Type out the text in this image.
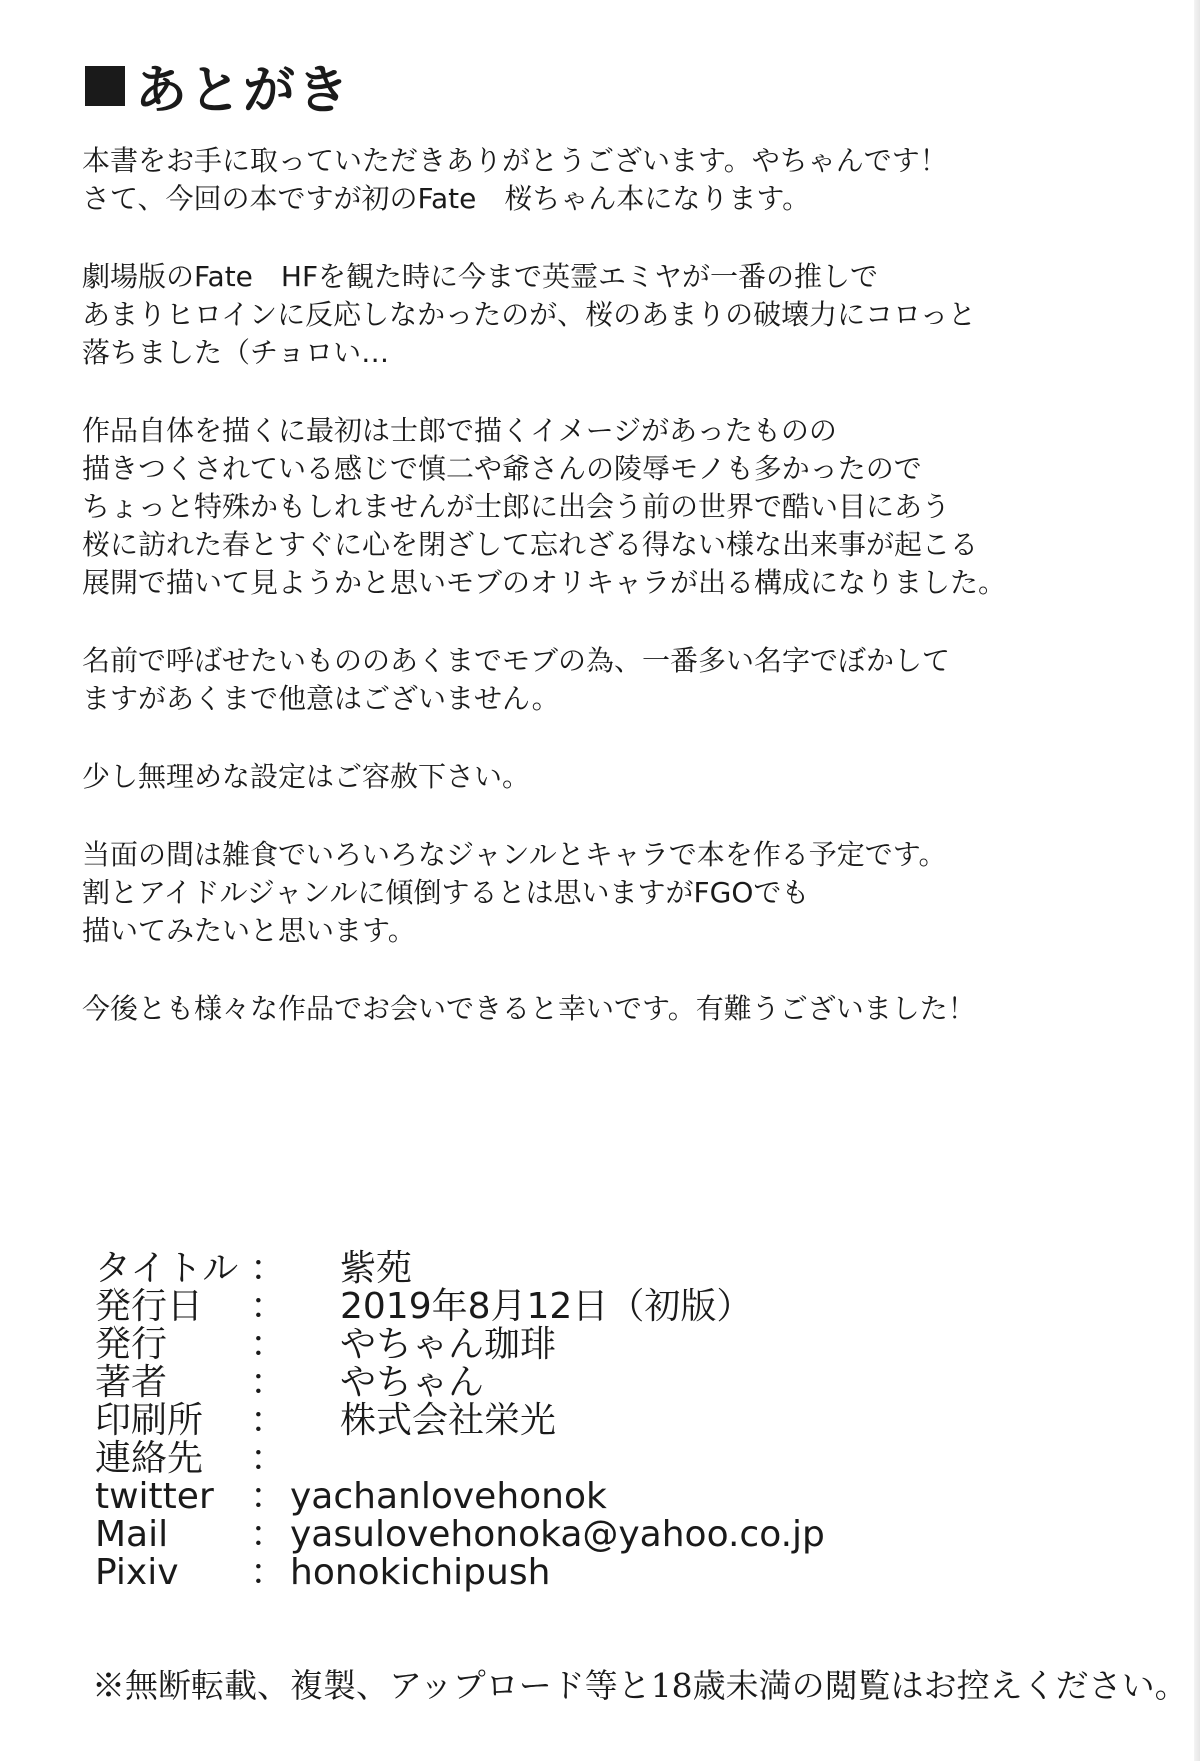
あとがき

本書をお手に取っていただきありがとうございます。やちゃんです！
さて、今回の本ですが初のFate　桜ちゃん本になります。

劇場版のFate　HFを観た時に今まで英霊エミヤが一番の推しで
あまりヒロインに反応しなかったのが、桜のあまりの破壊力にコロっと
落ちました（チョロい…

作品自体を描くに最初は士郎で描くイメージがあったものの
描きつくされている感じで慎二や爺さんの陵辱モノも多かったので
ちょっと特殊かもしれませんが士郎に出会う前の世界で酷い目にあう
桜に訪れた春とすぐに心を閉ざして忘れざる得ない様な出来事が起こる
展開で描いて見ようかと思いモブのオリキャラが出る構成になりました。

名前で呼ばせたいもののあくまでモブの為、一番多い名字でぼかして
ますがあくまで他意はございません。

少し無理めな設定はご容赦下さい。

当面の間は雑食でいろいろなジャンルとキャラで本を作る予定です。
割とアイドルジャンルに傾倒するとは思いますがFGOでも
描いてみたいと思います。

今後とも様々な作品でお会いできると幸いです。有難うございました！

タイトル ： 紫苑
発行日	： 2019年8月12日（初版）
発行	： やちゃん珈琲
著者	： やちゃん
印刷所	： 株式会社栄光
連絡先	：
twitter	： yachanlovehonok
Mail	： yasulovehonoka@yahoo.co.jp
Pixiv	： honokichipush
※無断転載、複製、アップロード等と18歳未満の閲覧はお控えください。
